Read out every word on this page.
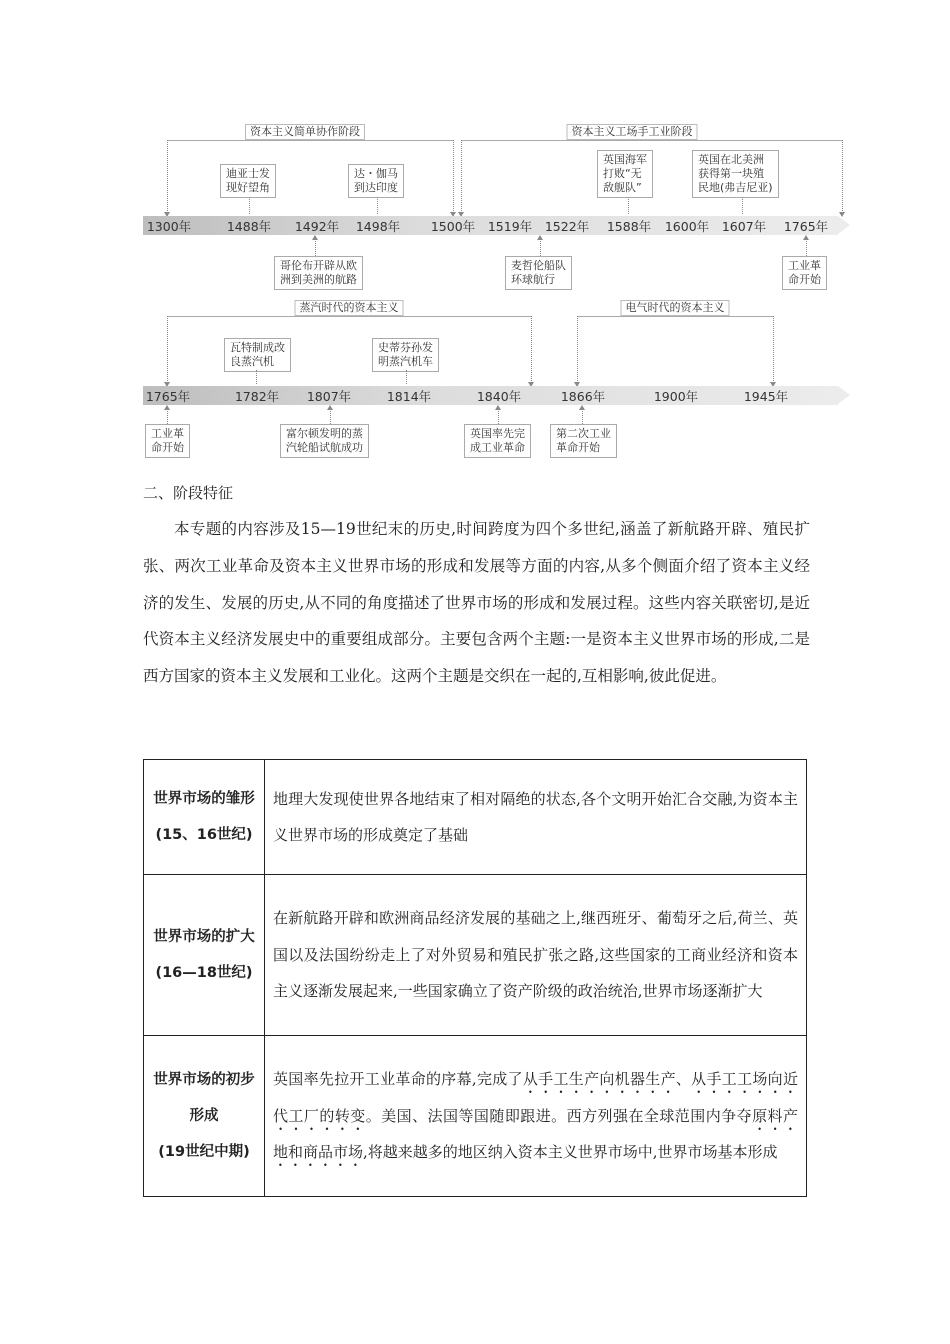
资本主义简单协作阶段	资本主义工场手工业阶段
1300年	1488年 1492年 1498年 1500年 1519年 1522年 1588年 1600年 1607年 1765年
迪亚士发
现好望角
达・伽马
到达印度
英国海军
打败“无
敌舰队”
英国在北美洲
获得第一块殖
民地(弗吉尼亚)
哥伦布开辟从欧
洲到美洲的航路
麦哲伦船队
环球航行
工业革
命开始
蒸汽时代的资本主义	电气时代的资本主义
1765年	1782年 1807年	1814年	1840年	1866年	1900年	1945年
瓦特制成改
良蒸汽机
史蒂芬孙发
明蒸汽机车
工业革
命开始
富尔顿发明的蒸
汽轮船试航成功
英国率先完
成工业革命
第二次工业
革命开始
二、阶段特征

本专题的内容涉及15—19世纪末的历史,时间跨度为四个多世纪,涵盖了新航路开辟、殖民扩张、两次工业革命及资本主义世界市场的形成和发展等方面的内容,从多个侧面介绍了资本主义经济的发生、发展的历史,从不同的角度描述了世界市场的形成和发展过程。这些内容关联密切,是近代资本主义经济发展史中的重要组成部分。主要包含两个主题:一是资本主义世界市场的形成,二是西方国家的资本主义发展和工业化。这两个主题是交织在一起的,互相影响,彼此促进。

世界市场的雏形
(15、16世纪)	地理大发现使世界各地结束了相对隔绝的状态,各个文明开始汇合交融,为资本主义世界市场的形成奠定了基础

世界市场的扩大
(16—18世纪)	在新航路开辟和欧洲商品经济发展的基础之上,继西班牙、葡萄牙之后,荷兰、英国以及法国纷纷走上了对外贸易和殖民扩张之路,这些国家的工商业经济和资本主义逐渐发展起来,一些国家确立了资产阶级的政治统治,世界市场逐渐扩大

世界市场的初步形成
(19世纪中期)	英国率先拉开工业革命的序幕,完成了从手工生产向机器生产、从手工工场向近代工厂的转变。美国、法国等国随即跟进。西方列强在全球范围内争夺原料产地和商品市场,将越来越多的地区纳入资本主义世界市场中,世界市场基本形成
